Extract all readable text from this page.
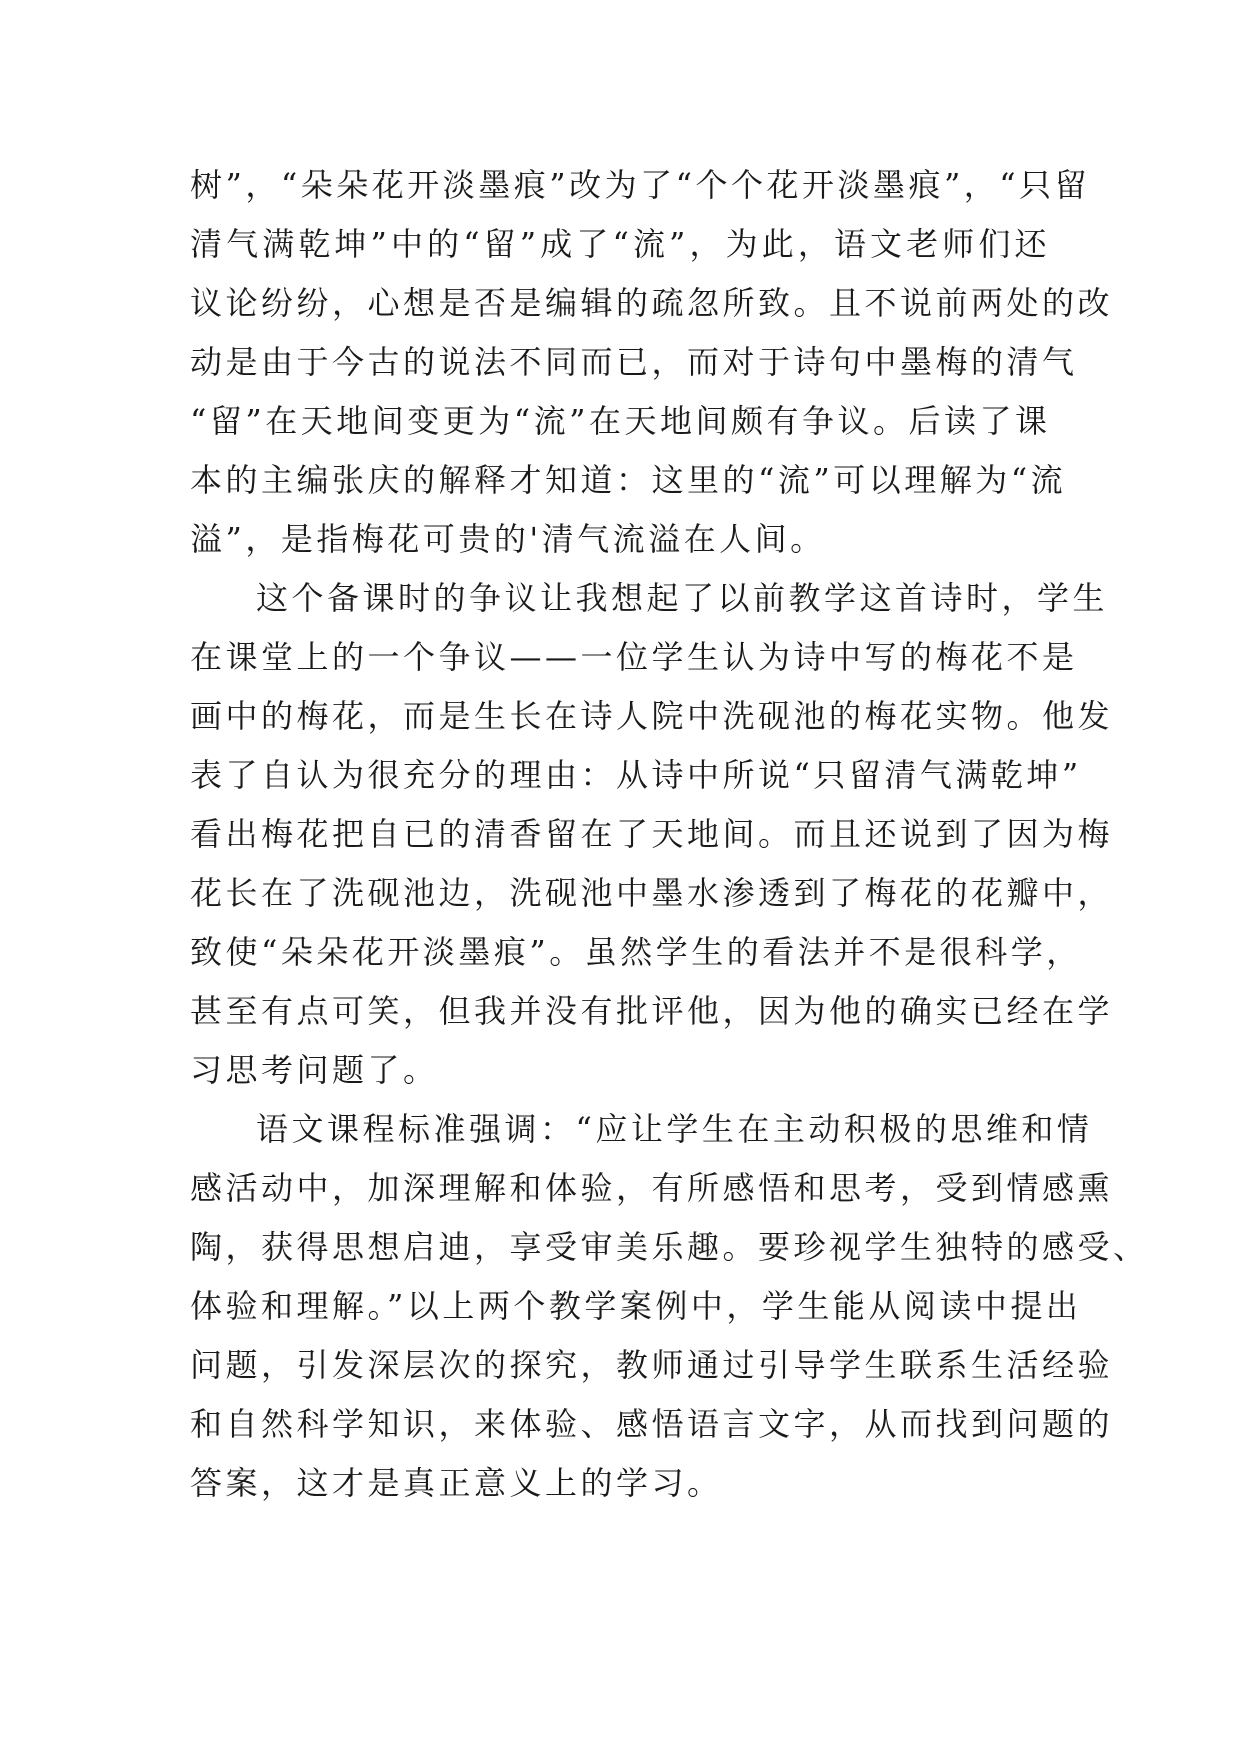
树”，“朵朵花开淡墨痕”改为了“个个花开淡墨痕”，“只留
清气满乾坤”中的“留”成了“流”，为此，语文老师们还
议论纷纷，心想是否是编辑的疏忽所致。且不说前两处的改
动是由于今古的说法不同而已，而对于诗句中墨梅的清气
“留”在天地间变更为“流”在天地间颇有争议。后读了课
本的主编张庆的解释才知道：这里的“流”可以理解为“流
溢”，是指梅花可贵的'清气流溢在人间。
这个备课时的争议让我想起了以前教学这首诗时，学生
在课堂上的一个争议——一位学生认为诗中写的梅花不是
画中的梅花，而是生长在诗人院中洗砚池的梅花实物。他发
表了自认为很充分的理由：从诗中所说“只留清气满乾坤”
看出梅花把自已的清香留在了天地间。而且还说到了因为梅
花长在了洗砚池边，洗砚池中墨水渗透到了梅花的花瓣中，
致使“朵朵花开淡墨痕”。虽然学生的看法并不是很科学，
甚至有点可笑，但我并没有批评他，因为他的确实已经在学
习思考问题了。
语文课程标准强调：“应让学生在主动积极的思维和情
感活动中，加深理解和体验，有所感悟和思考，受到情感熏
陶，获得思想启迪，享受审美乐趣。要珍视学生独特的感受、
体验和理解。”以上两个教学案例中，学生能从阅读中提出
问题，引发深层次的探究，教师通过引导学生联系生活经验
和自然科学知识，来体验、感悟语言文字，从而找到问题的
答案，这才是真正意义上的学习。
